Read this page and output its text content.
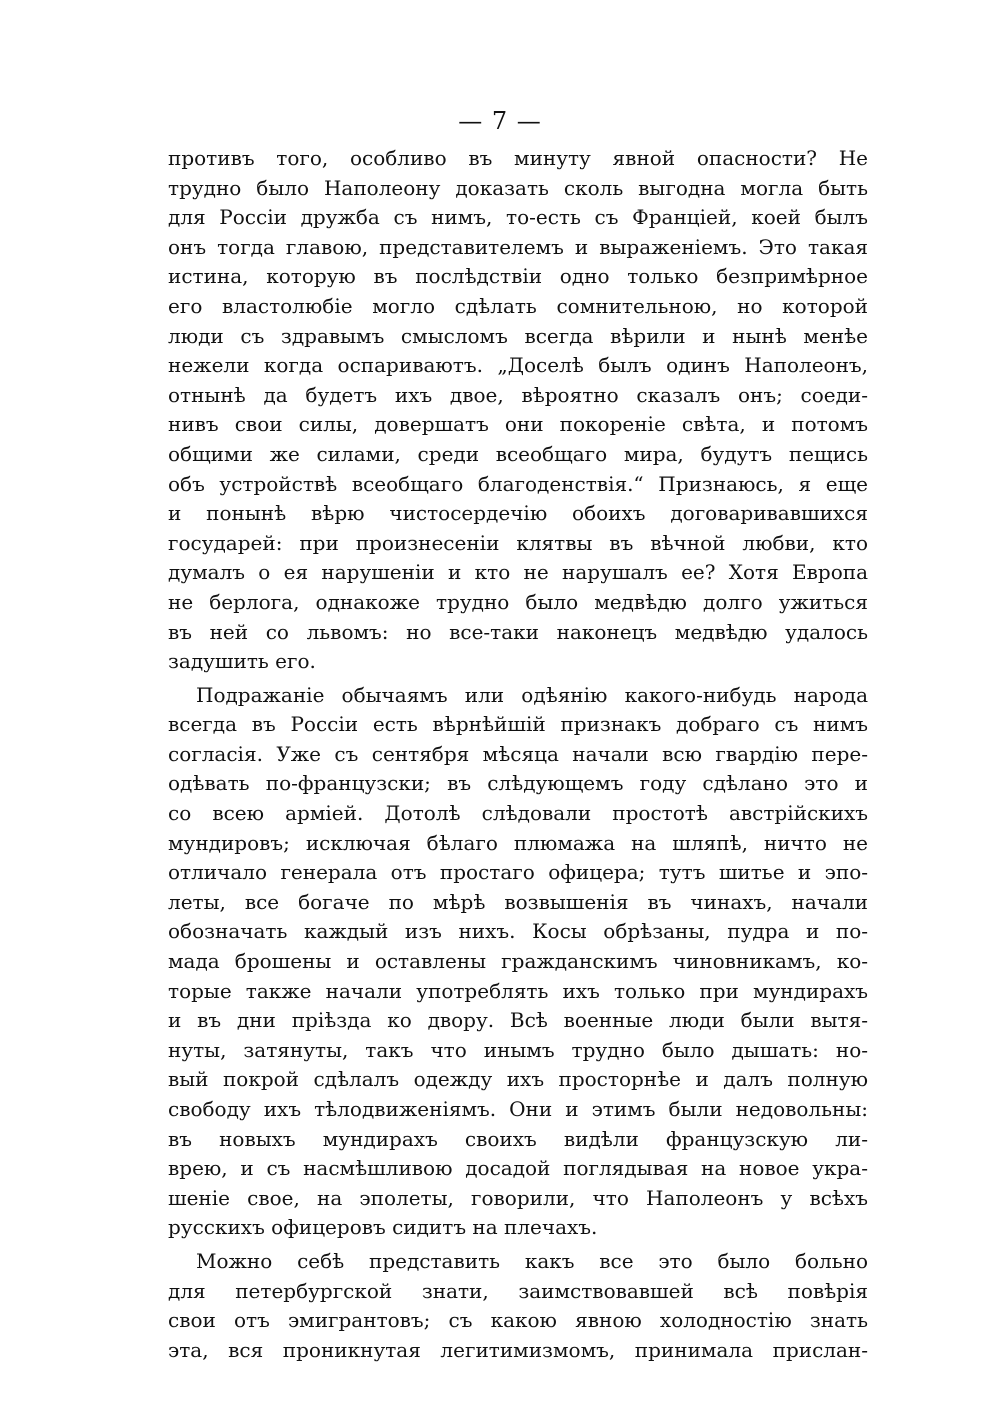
— 7 —
противъ того, особливо въ минуту явной опасности? Не
трудно было Наполеону доказать сколь выгодна могла быть
для Россіи дружба съ нимъ, то-есть съ Франціей, коей былъ
онъ тогда главою, представителемъ и выраженіемъ. Это такая
истина, которую въ послѣдствіи одно только безпримѣрное
его властолюбіе могло сдѣлать сомнительною, но которой
люди съ здравымъ смысломъ всегда вѣрили и нынѣ менѣе
нежели когда оспариваютъ. „Доселѣ былъ одинъ Наполеонъ,
отнынѣ да будетъ ихъ двое, вѣроятно сказалъ онъ; соеди-
нивъ свои силы, довершатъ они покореніе свѣта, и потомъ
общими же силами, среди всеобщаго мира, будутъ пещись
объ устройствѣ всеобщаго благоденствія.“ Признаюсь, я еще
и понынѣ вѣрю чистосердечію обоихъ договаривавшихся
государей: при произнесеніи клятвы въ вѣчной любви, кто
думалъ о ея нарушеніи и кто не нарушалъ ее? Хотя Европа
не берлога, однакоже трудно было медвѣдю долго ужиться
въ ней со львомъ: но все-таки наконецъ медвѣдю удалось
задушить его.
Подражаніе обычаямъ или одѣянію какого-нибудь народа
всегда въ Россіи есть вѣрнѣйшій признакъ добраго съ нимъ
согласія. Уже съ сентября мѣсяца начали всю гвардію пере-
одѣвать по-французски; въ слѣдующемъ году сдѣлано это и
со всею арміей. Дотолѣ слѣдовали простотѣ австрійскихъ
мундировъ; исключая бѣлаго плюмажа на шляпѣ, ничто не
отличало генерала отъ простаго офицера; тутъ шитье и эпо-
леты, все богаче по мѣрѣ возвышенія въ чинахъ, начали
обозначать каждый изъ нихъ. Косы обрѣзаны, пудра и по-
мада брошены и оставлены гражданскимъ чиновникамъ, ко-
торые также начали употреблять ихъ только при мундирахъ
и въ дни пріѣзда ко двору. Всѣ военные люди были вытя-
нуты, затянуты, такъ что инымъ трудно было дышать: но-
вый покрой сдѣлалъ одежду ихъ просторнѣе и далъ полную
свободу ихъ тѣлодвиженіямъ. Они и этимъ были недовольны:
въ новыхъ мундирахъ своихъ видѣли французскую ли-
врею, и съ насмѣшливою досадой поглядывая на новое укра-
шеніе свое, на эполеты, говорили, что Наполеонъ у всѣхъ
русскихъ офицеровъ сидитъ на плечахъ.
Можно себѣ представить какъ все это было больно
для петербургской знати, заимствовавшей всѣ повѣрія
свои отъ эмигрантовъ; съ какою явною холодностію знать
эта, вся проникнутая легитимизмомъ, принимала прислан-
